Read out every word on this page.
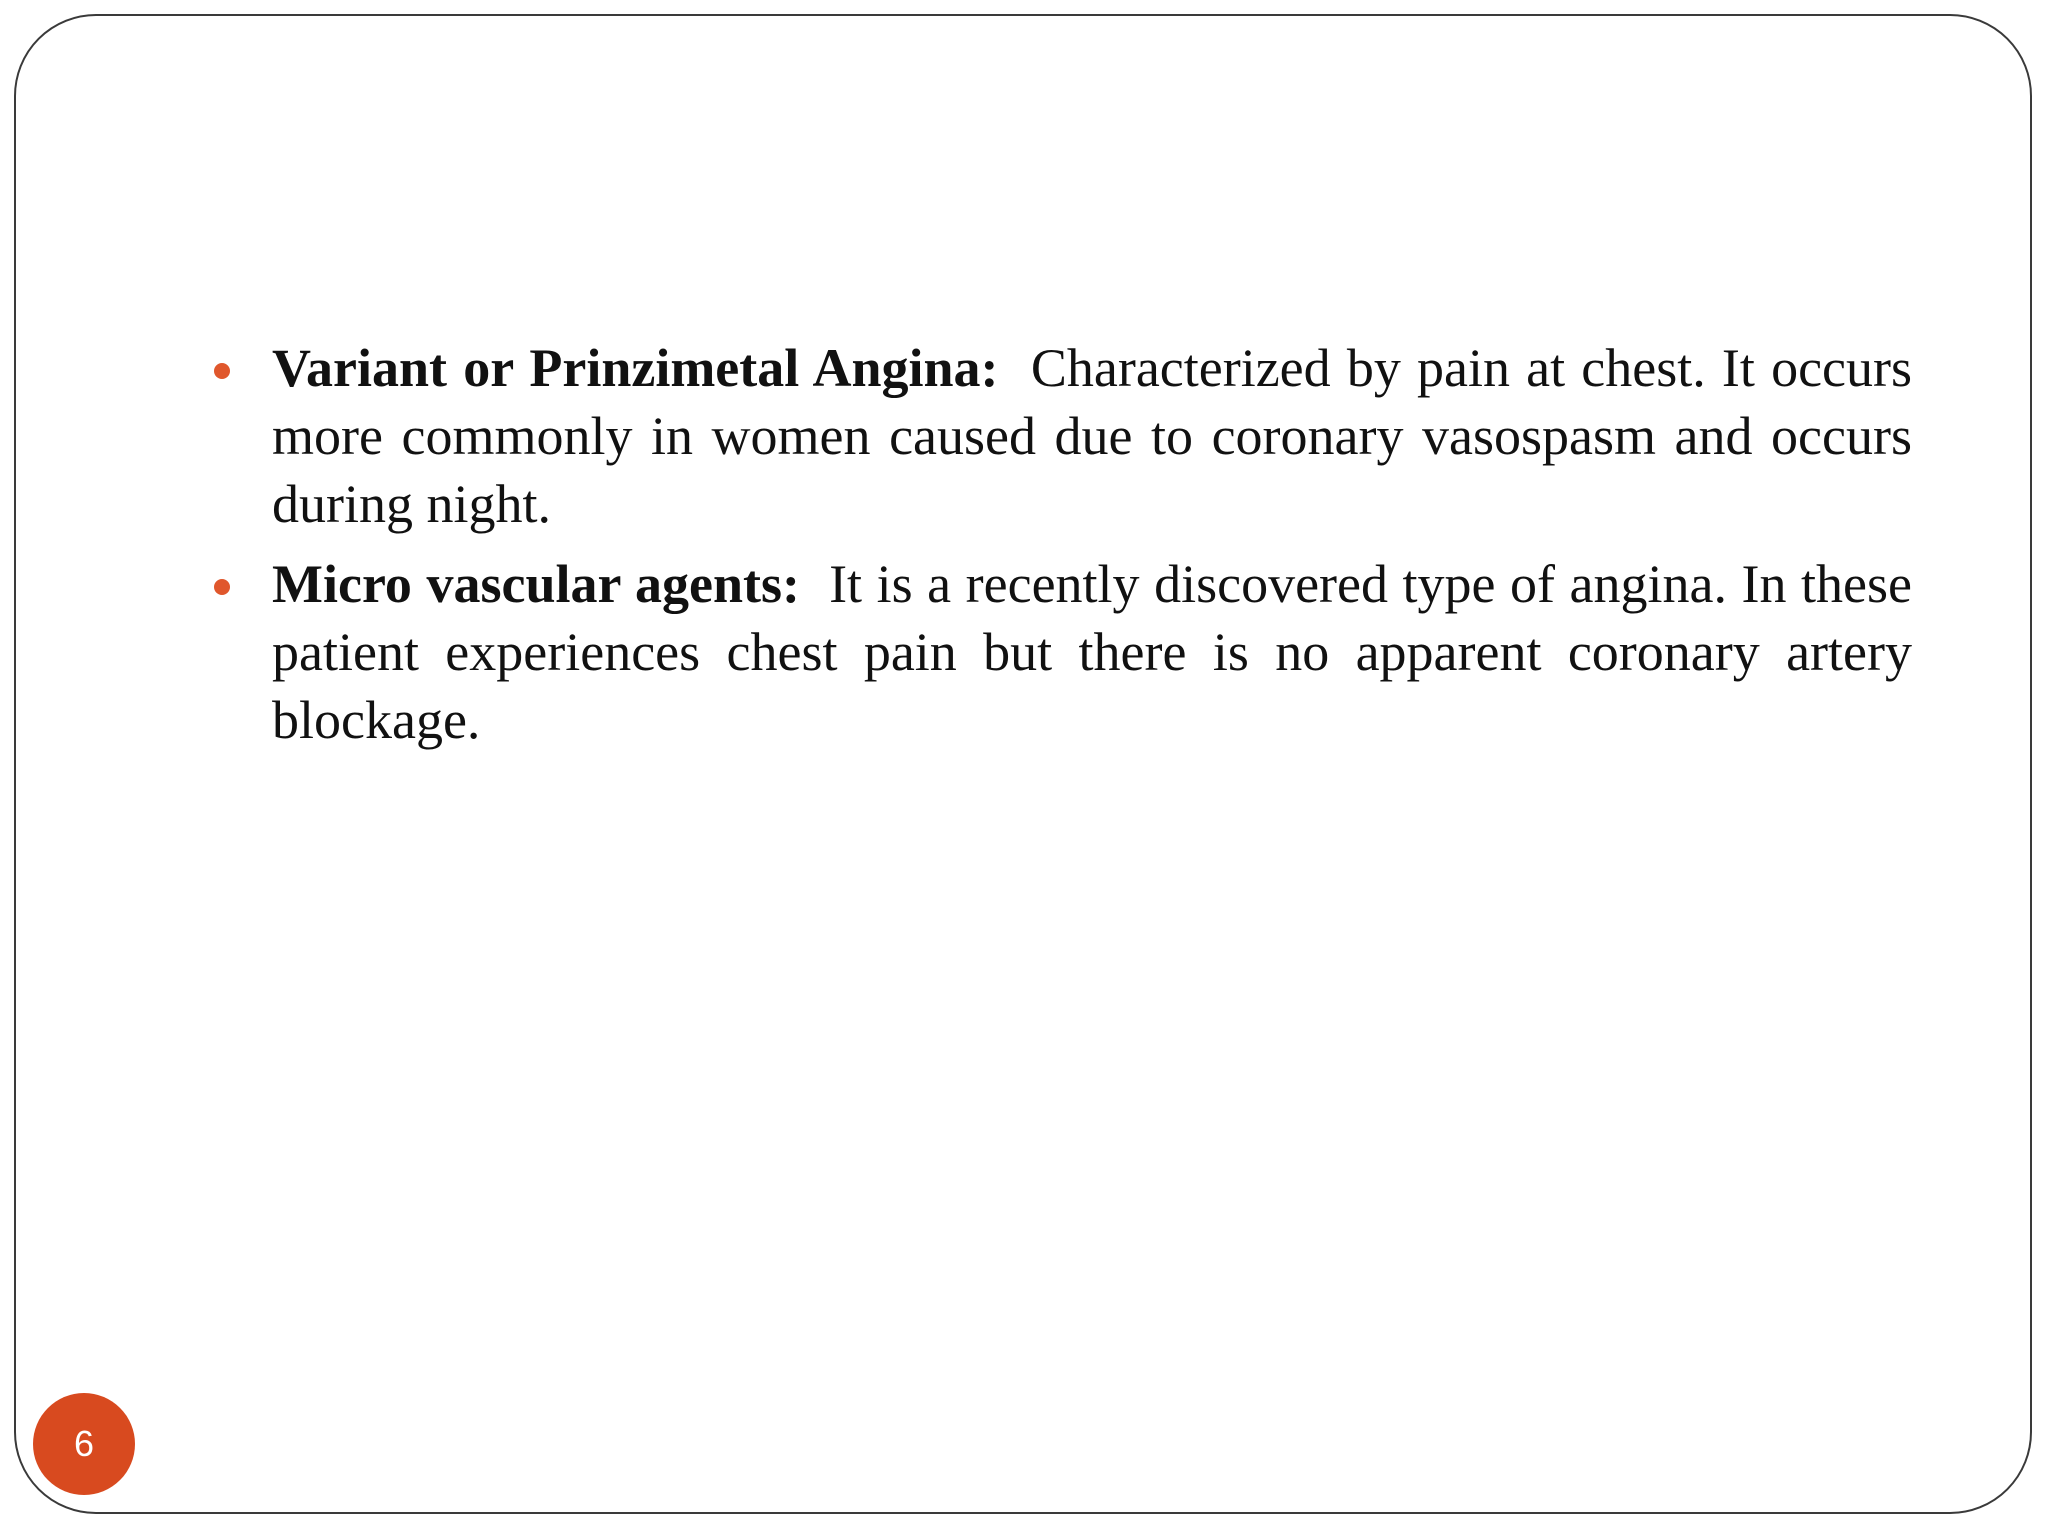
Variant or Prinzimetal Angina: Characterized by pain at chest. It occurs more commonly in women caused due to coronary vasospasm and occurs during night.
Micro vascular agents: It is a recently discovered type of angina. In these patient experiences chest pain but there is no apparent coronary artery blockage.
6
